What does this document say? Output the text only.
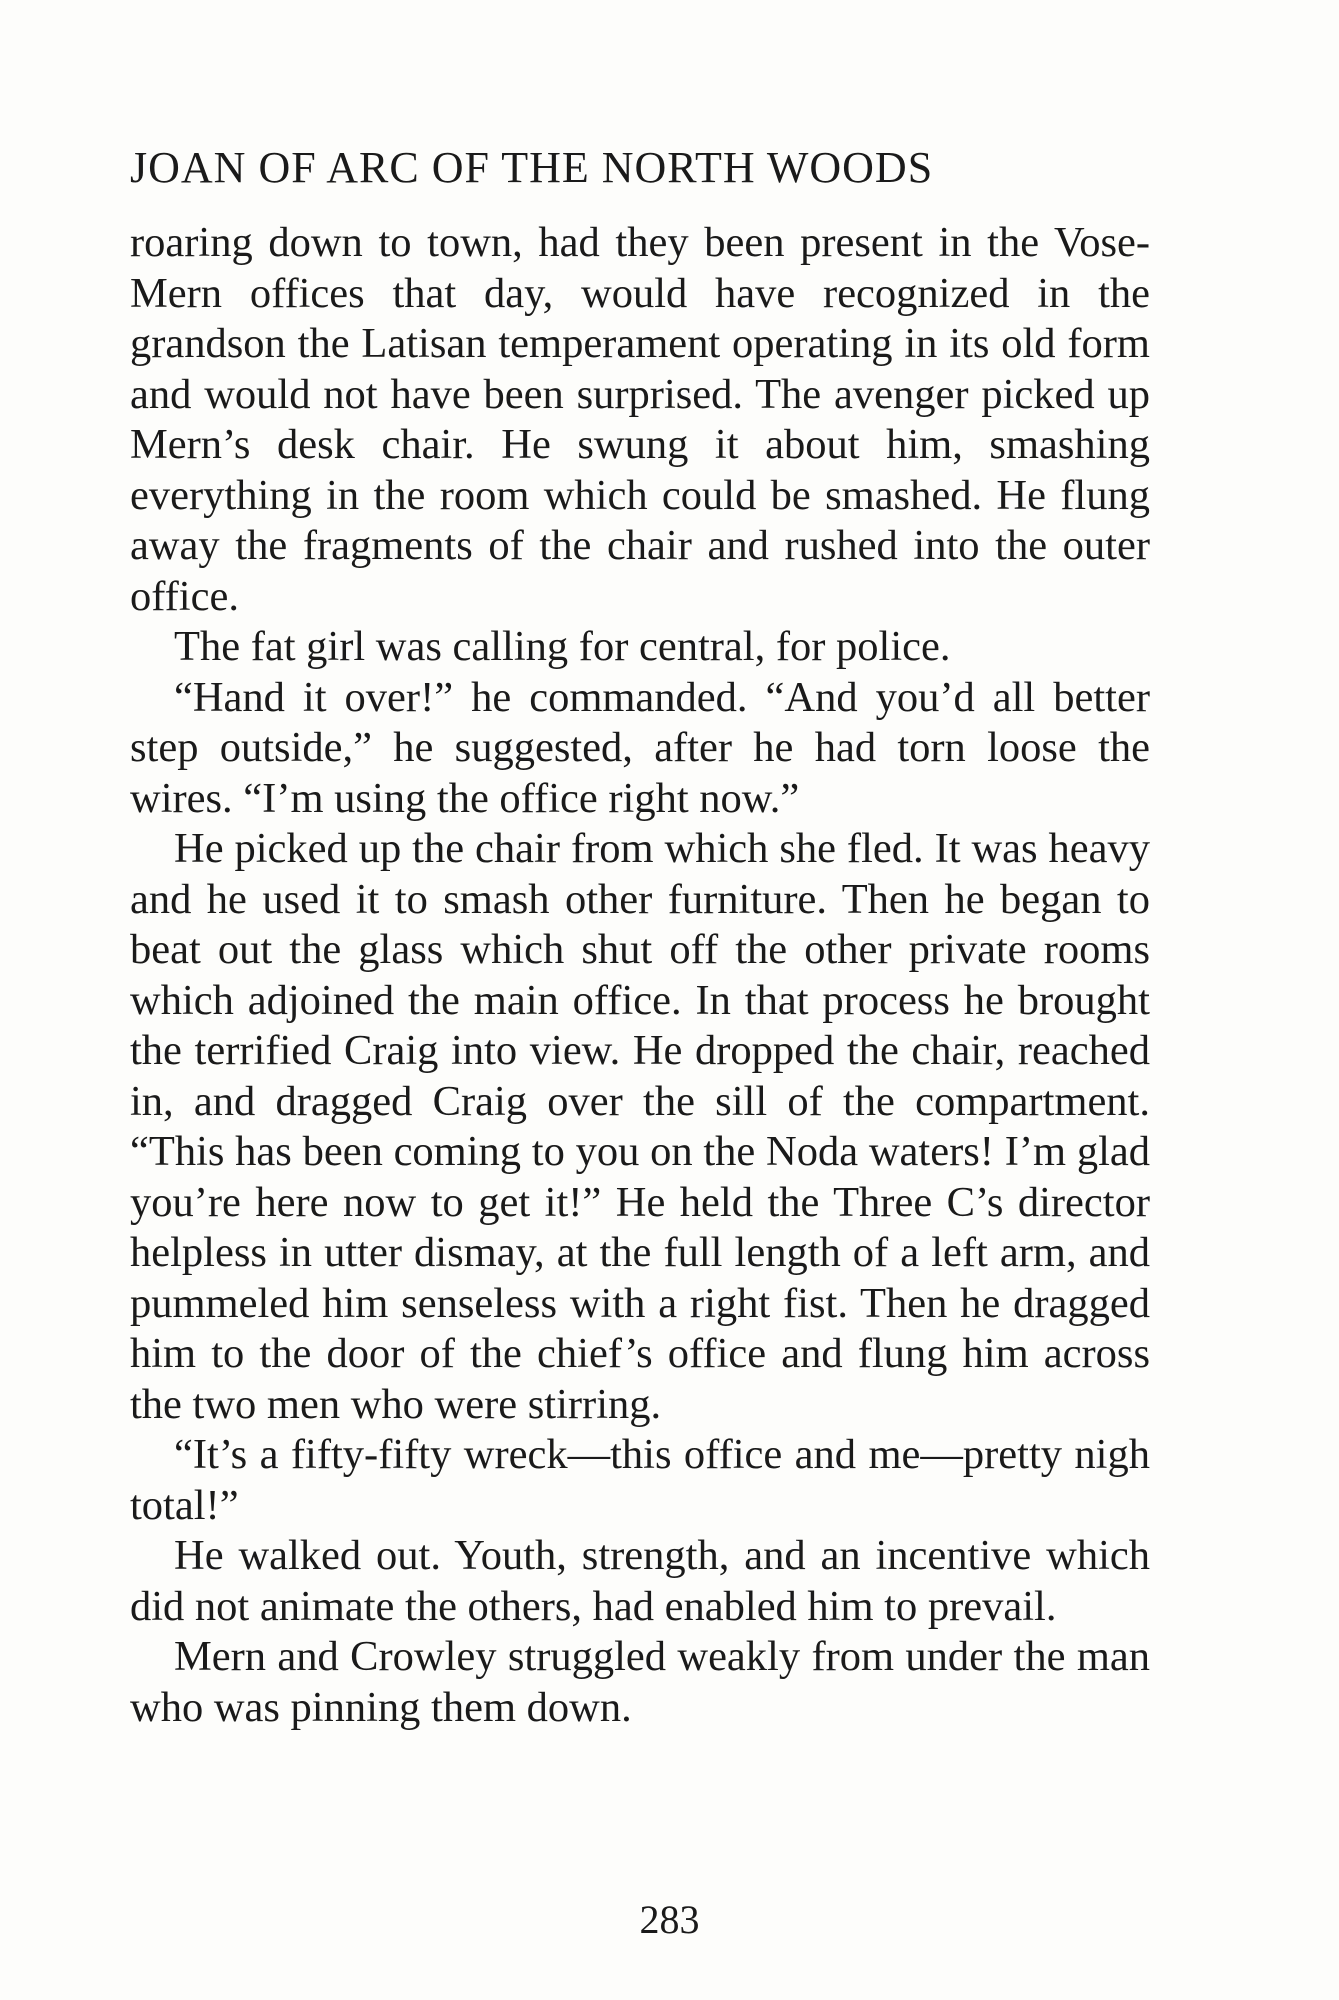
JOAN OF ARC OF THE NORTH WOODS

roaring down to town, had they been present in the Vose-Mern offices that day, would have recognized in the grandson the Latisan temperament operating in its old form and would not have been surprised. The avenger picked up Mern’s desk chair. He swung it about him, smashing everything in the room which could be smashed. He flung away the fragments of the chair and rushed into the outer office.

The fat girl was calling for central, for police.

“Hand it over!” he commanded. “And you’d all better step outside,” he suggested, after he had torn loose the wires. “I’m using the office right now.”

He picked up the chair from which she fled. It was heavy and he used it to smash other furniture. Then he began to beat out the glass which shut off the other private rooms which adjoined the main office. In that process he brought the terrified Craig into view. He dropped the chair, reached in, and dragged Craig over the sill of the compartment. “This has been coming to you on the Noda waters! I’m glad you’re here now to get it!” He held the Three C’s director helpless in utter dismay, at the full length of a left arm, and pummeled him senseless with a right fist. Then he dragged him to the door of the chief’s office and flung him across the two men who were stirring.

“It’s a fifty-fifty wreck—this office and me—pretty nigh total!”

He walked out. Youth, strength, and an incentive which did not animate the others, had enabled him to prevail.

Mern and Crowley struggled weakly from under the man who was pinning them down.

283
